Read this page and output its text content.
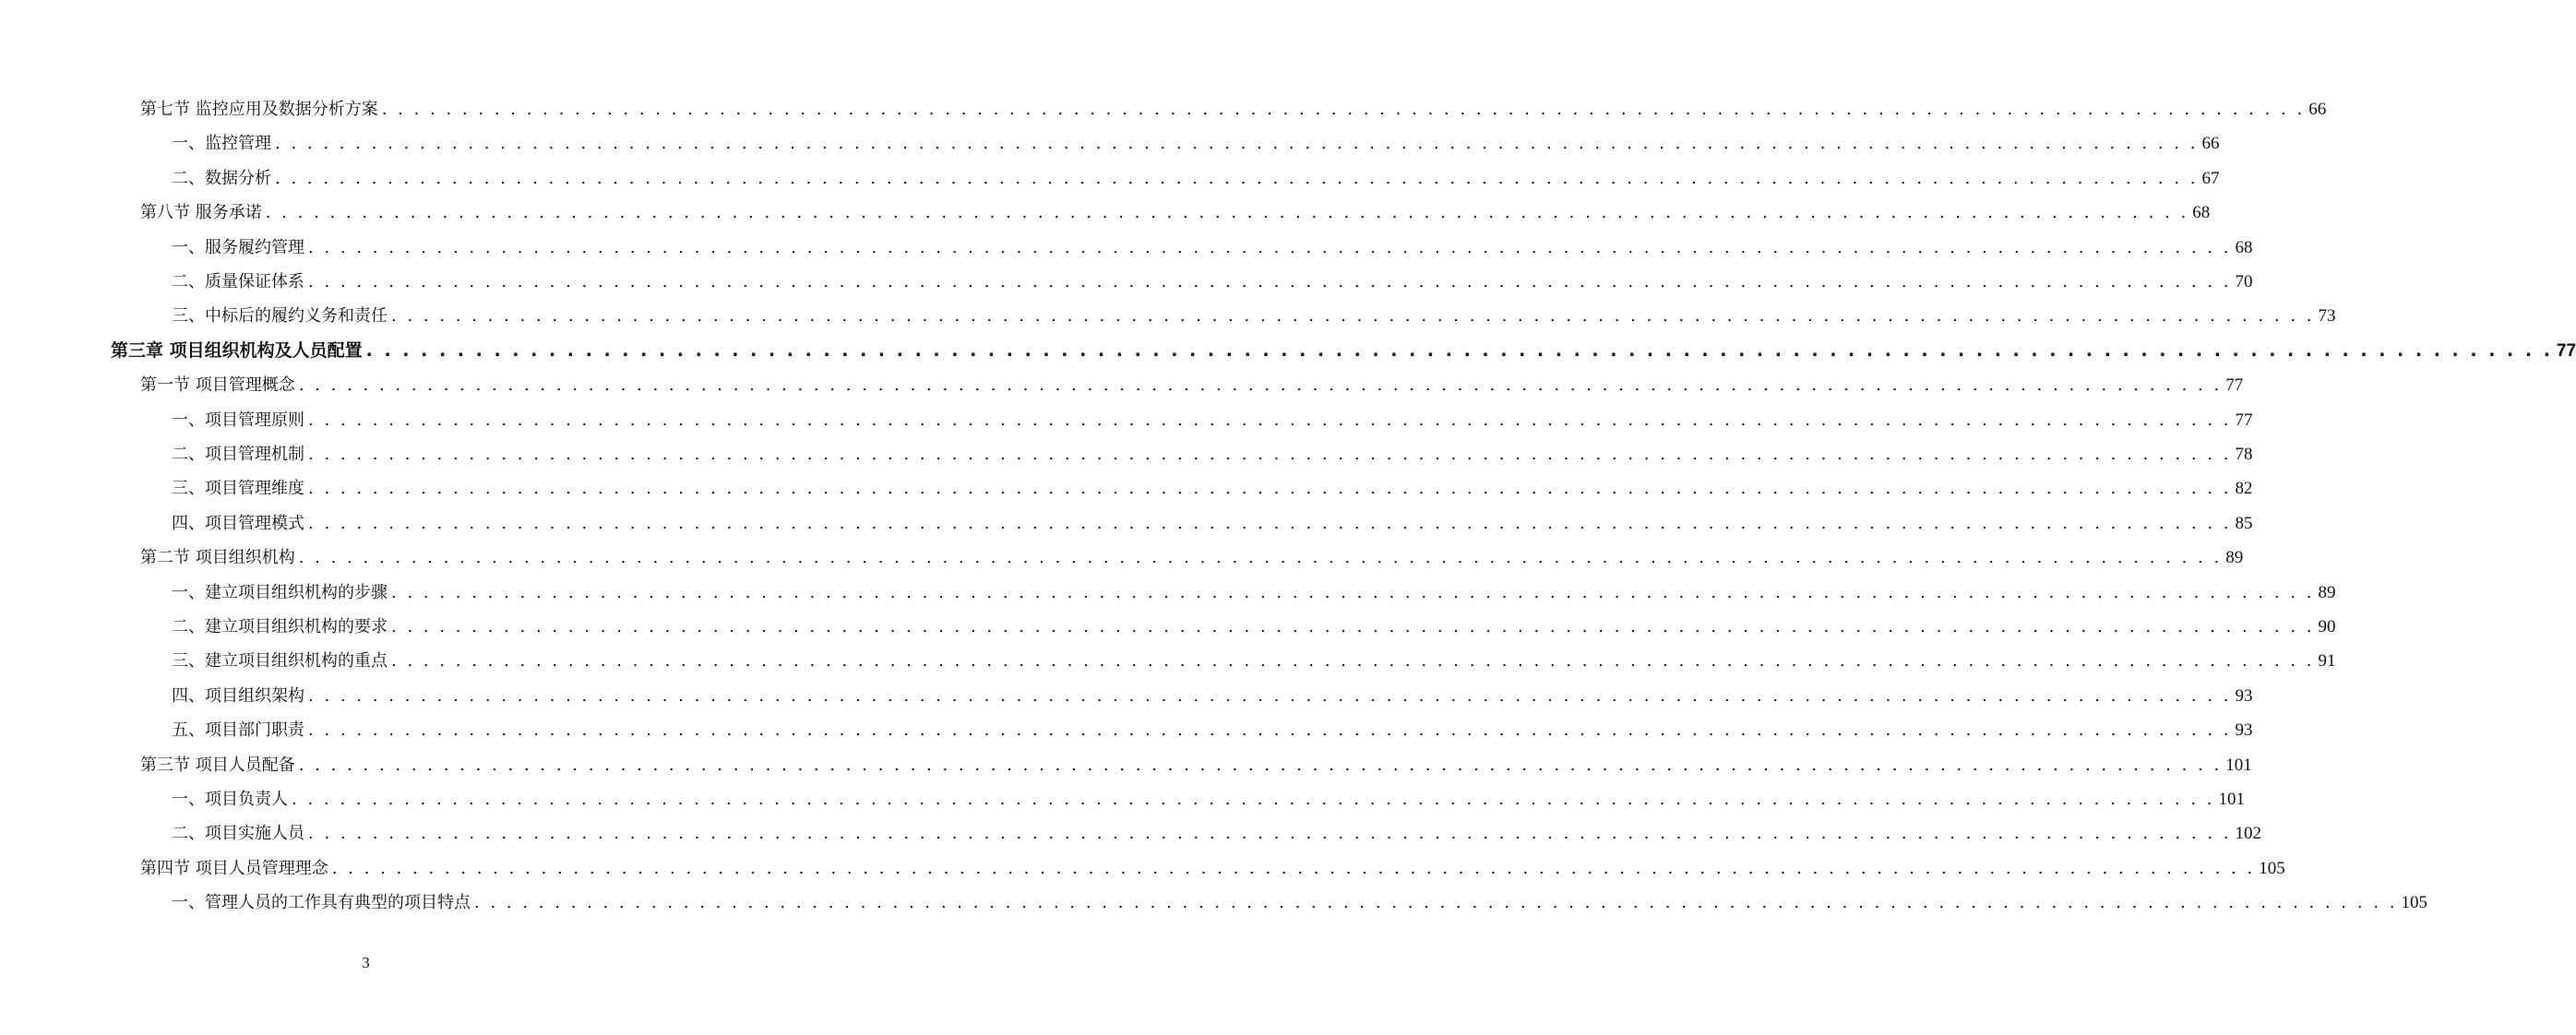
第七节 监控应用及数据分析方案 . . . . . . . . . . . . . . . . . . . . . . . . . . . . . . . . . . . . . . . . . . . . . . . . . . . . . . . . . . . . . . . . . . . . . . . . . . . . . . . . . . . . . . . . . . . . . . . . . . . . . . . . . . . . . . . . . . . . . . . . 66
一、监控管理 . . . . . . . . . . . . . . . . . . . . . . . . . . . . . . . . . . . . . . . . . . . . . . . . . . . . . . . . . . . . . . . . . . . . . . . . . . . . . . . . . . . . . . . . . . . . . . . . . . . . . . . . . . . . . . . . . . . . . . . . 66
二、数据分析 . . . . . . . . . . . . . . . . . . . . . . . . . . . . . . . . . . . . . . . . . . . . . . . . . . . . . . . . . . . . . . . . . . . . . . . . . . . . . . . . . . . . . . . . . . . . . . . . . . . . . . . . . . . . . . . . . . . . . . . . 67
第八节 服务承诺 . . . . . . . . . . . . . . . . . . . . . . . . . . . . . . . . . . . . . . . . . . . . . . . . . . . . . . . . . . . . . . . . . . . . . . . . . . . . . . . . . . . . . . . . . . . . . . . . . . . . . . . . . . . . . . . . . . . . . . . . 68
一、服务履约管理 . . . . . . . . . . . . . . . . . . . . . . . . . . . . . . . . . . . . . . . . . . . . . . . . . . . . . . . . . . . . . . . . . . . . . . . . . . . . . . . . . . . . . . . . . . . . . . . . . . . . . . . . . . . . . . . . . . . . . . . . 68
二、质量保证体系 . . . . . . . . . . . . . . . . . . . . . . . . . . . . . . . . . . . . . . . . . . . . . . . . . . . . . . . . . . . . . . . . . . . . . . . . . . . . . . . . . . . . . . . . . . . . . . . . . . . . . . . . . . . . . . . . . . . . . . . . 70
三、中标后的履约义务和责任 . . . . . . . . . . . . . . . . . . . . . . . . . . . . . . . . . . . . . . . . . . . . . . . . . . . . . . . . . . . . . . . . . . . . . . . . . . . . . . . . . . . . . . . . . . . . . . . . . . . . . . . . . . . . . . . . . . . . . . . . 73
第三章 项目组织机构及人员配置 . . . . . . . . . . . . . . . . . . . . . . . . . . . . . . . . . . . . . . . . . . . . . . . . . . . . . . . . . . . . . . . . . . . . . . . . . . . . . . . . . . . . . . . . . . . . . . . . . . . . . . . . . . . . . . . . . . . . . . . . 77
第一节 项目管理概念 . . . . . . . . . . . . . . . . . . . . . . . . . . . . . . . . . . . . . . . . . . . . . . . . . . . . . . . . . . . . . . . . . . . . . . . . . . . . . . . . . . . . . . . . . . . . . . . . . . . . . . . . . . . . . . . . . . . . . . . . 77
一、项目管理原则 . . . . . . . . . . . . . . . . . . . . . . . . . . . . . . . . . . . . . . . . . . . . . . . . . . . . . . . . . . . . . . . . . . . . . . . . . . . . . . . . . . . . . . . . . . . . . . . . . . . . . . . . . . . . . . . . . . . . . . . . 77
二、项目管理机制 . . . . . . . . . . . . . . . . . . . . . . . . . . . . . . . . . . . . . . . . . . . . . . . . . . . . . . . . . . . . . . . . . . . . . . . . . . . . . . . . . . . . . . . . . . . . . . . . . . . . . . . . . . . . . . . . . . . . . . . . 78
三、项目管理维度 . . . . . . . . . . . . . . . . . . . . . . . . . . . . . . . . . . . . . . . . . . . . . . . . . . . . . . . . . . . . . . . . . . . . . . . . . . . . . . . . . . . . . . . . . . . . . . . . . . . . . . . . . . . . . . . . . . . . . . . . 82
四、项目管理模式 . . . . . . . . . . . . . . . . . . . . . . . . . . . . . . . . . . . . . . . . . . . . . . . . . . . . . . . . . . . . . . . . . . . . . . . . . . . . . . . . . . . . . . . . . . . . . . . . . . . . . . . . . . . . . . . . . . . . . . . . 85
第二节 项目组织机构 . . . . . . . . . . . . . . . . . . . . . . . . . . . . . . . . . . . . . . . . . . . . . . . . . . . . . . . . . . . . . . . . . . . . . . . . . . . . . . . . . . . . . . . . . . . . . . . . . . . . . . . . . . . . . . . . . . . . . . . . 89
一、建立项目组织机构的步骤 . . . . . . . . . . . . . . . . . . . . . . . . . . . . . . . . . . . . . . . . . . . . . . . . . . . . . . . . . . . . . . . . . . . . . . . . . . . . . . . . . . . . . . . . . . . . . . . . . . . . . . . . . . . . . . . . . . . . . . . . 89
二、建立项目组织机构的要求 . . . . . . . . . . . . . . . . . . . . . . . . . . . . . . . . . . . . . . . . . . . . . . . . . . . . . . . . . . . . . . . . . . . . . . . . . . . . . . . . . . . . . . . . . . . . . . . . . . . . . . . . . . . . . . . . . . . . . . . . 90
三、建立项目组织机构的重点 . . . . . . . . . . . . . . . . . . . . . . . . . . . . . . . . . . . . . . . . . . . . . . . . . . . . . . . . . . . . . . . . . . . . . . . . . . . . . . . . . . . . . . . . . . . . . . . . . . . . . . . . . . . . . . . . . . . . . . . . 91
四、项目组织架构 . . . . . . . . . . . . . . . . . . . . . . . . . . . . . . . . . . . . . . . . . . . . . . . . . . . . . . . . . . . . . . . . . . . . . . . . . . . . . . . . . . . . . . . . . . . . . . . . . . . . . . . . . . . . . . . . . . . . . . . . 93
五、项目部门职责 . . . . . . . . . . . . . . . . . . . . . . . . . . . . . . . . . . . . . . . . . . . . . . . . . . . . . . . . . . . . . . . . . . . . . . . . . . . . . . . . . . . . . . . . . . . . . . . . . . . . . . . . . . . . . . . . . . . . . . . . 93
第三节 项目人员配备 . . . . . . . . . . . . . . . . . . . . . . . . . . . . . . . . . . . . . . . . . . . . . . . . . . . . . . . . . . . . . . . . . . . . . . . . . . . . . . . . . . . . . . . . . . . . . . . . . . . . . . . . . . . . . . . . . . . . . . . . 101
一、项目负责人 . . . . . . . . . . . . . . . . . . . . . . . . . . . . . . . . . . . . . . . . . . . . . . . . . . . . . . . . . . . . . . . . . . . . . . . . . . . . . . . . . . . . . . . . . . . . . . . . . . . . . . . . . . . . . . . . . . . . . . . . 101
二、项目实施人员 . . . . . . . . . . . . . . . . . . . . . . . . . . . . . . . . . . . . . . . . . . . . . . . . . . . . . . . . . . . . . . . . . . . . . . . . . . . . . . . . . . . . . . . . . . . . . . . . . . . . . . . . . . . . . . . . . . . . . . . . 102
第四节 项目人员管理理念 . . . . . . . . . . . . . . . . . . . . . . . . . . . . . . . . . . . . . . . . . . . . . . . . . . . . . . . . . . . . . . . . . . . . . . . . . . . . . . . . . . . . . . . . . . . . . . . . . . . . . . . . . . . . . . . . . . . . . . . . 105
一、管理人员的工作具有典型的项目特点 . . . . . . . . . . . . . . . . . . . . . . . . . . . . . . . . . . . . . . . . . . . . . . . . . . . . . . . . . . . . . . . . . . . . . . . . . . . . . . . . . . . . . . . . . . . . . . . . . . . . . . . . . . . . . . . . . . . . . . . . 105
3
